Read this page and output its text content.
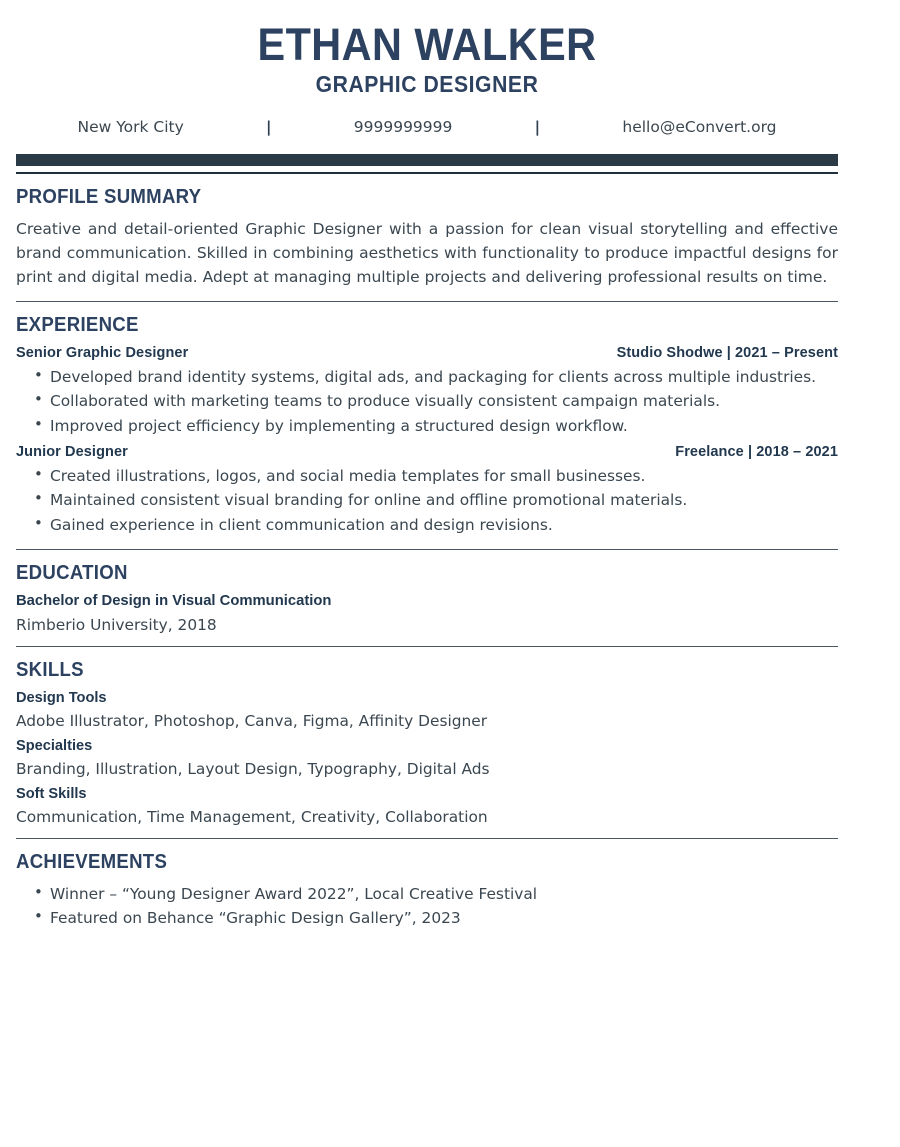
ETHAN WALKER
GRAPHIC DESIGNER
New York City	|	9999999999	|	hello@eConvert.org
PROFILE SUMMARY

Creative and detail-oriented Graphic Designer with a passion for clean visual storytelling and effective brand communication. Skilled in combining aesthetics with functionality to produce impactful designs for print and digital media. Adept at managing multiple projects and delivering professional results on time.

EXPERIENCE
Senior Graphic Designer	Studio Shodwe | 2021 – Present
• Developed brand identity systems, digital ads, and packaging for clients across multiple industries.
• Collaborated with marketing teams to produce visually consistent campaign materials.
• Improved project efficiency by implementing a structured design workflow.
Junior Designer	Freelance | 2018 – 2021
• Created illustrations, logos, and social media templates for small businesses.
• Maintained consistent visual branding for online and offline promotional materials.
• Gained experience in client communication and design revisions.
EDUCATION
Bachelor of Design in Visual Communication
Rimberio University, 2018
SKILLS
Design Tools
Adobe Illustrator, Photoshop, Canva, Figma, Affinity Designer
Specialties
Branding, Illustration, Layout Design, Typography, Digital Ads
Soft Skills
Communication, Time Management, Creativity, Collaboration
ACHIEVEMENTS
• Winner – “Young Designer Award 2022”, Local Creative Festival
• Featured on Behance “Graphic Design Gallery”, 2023
